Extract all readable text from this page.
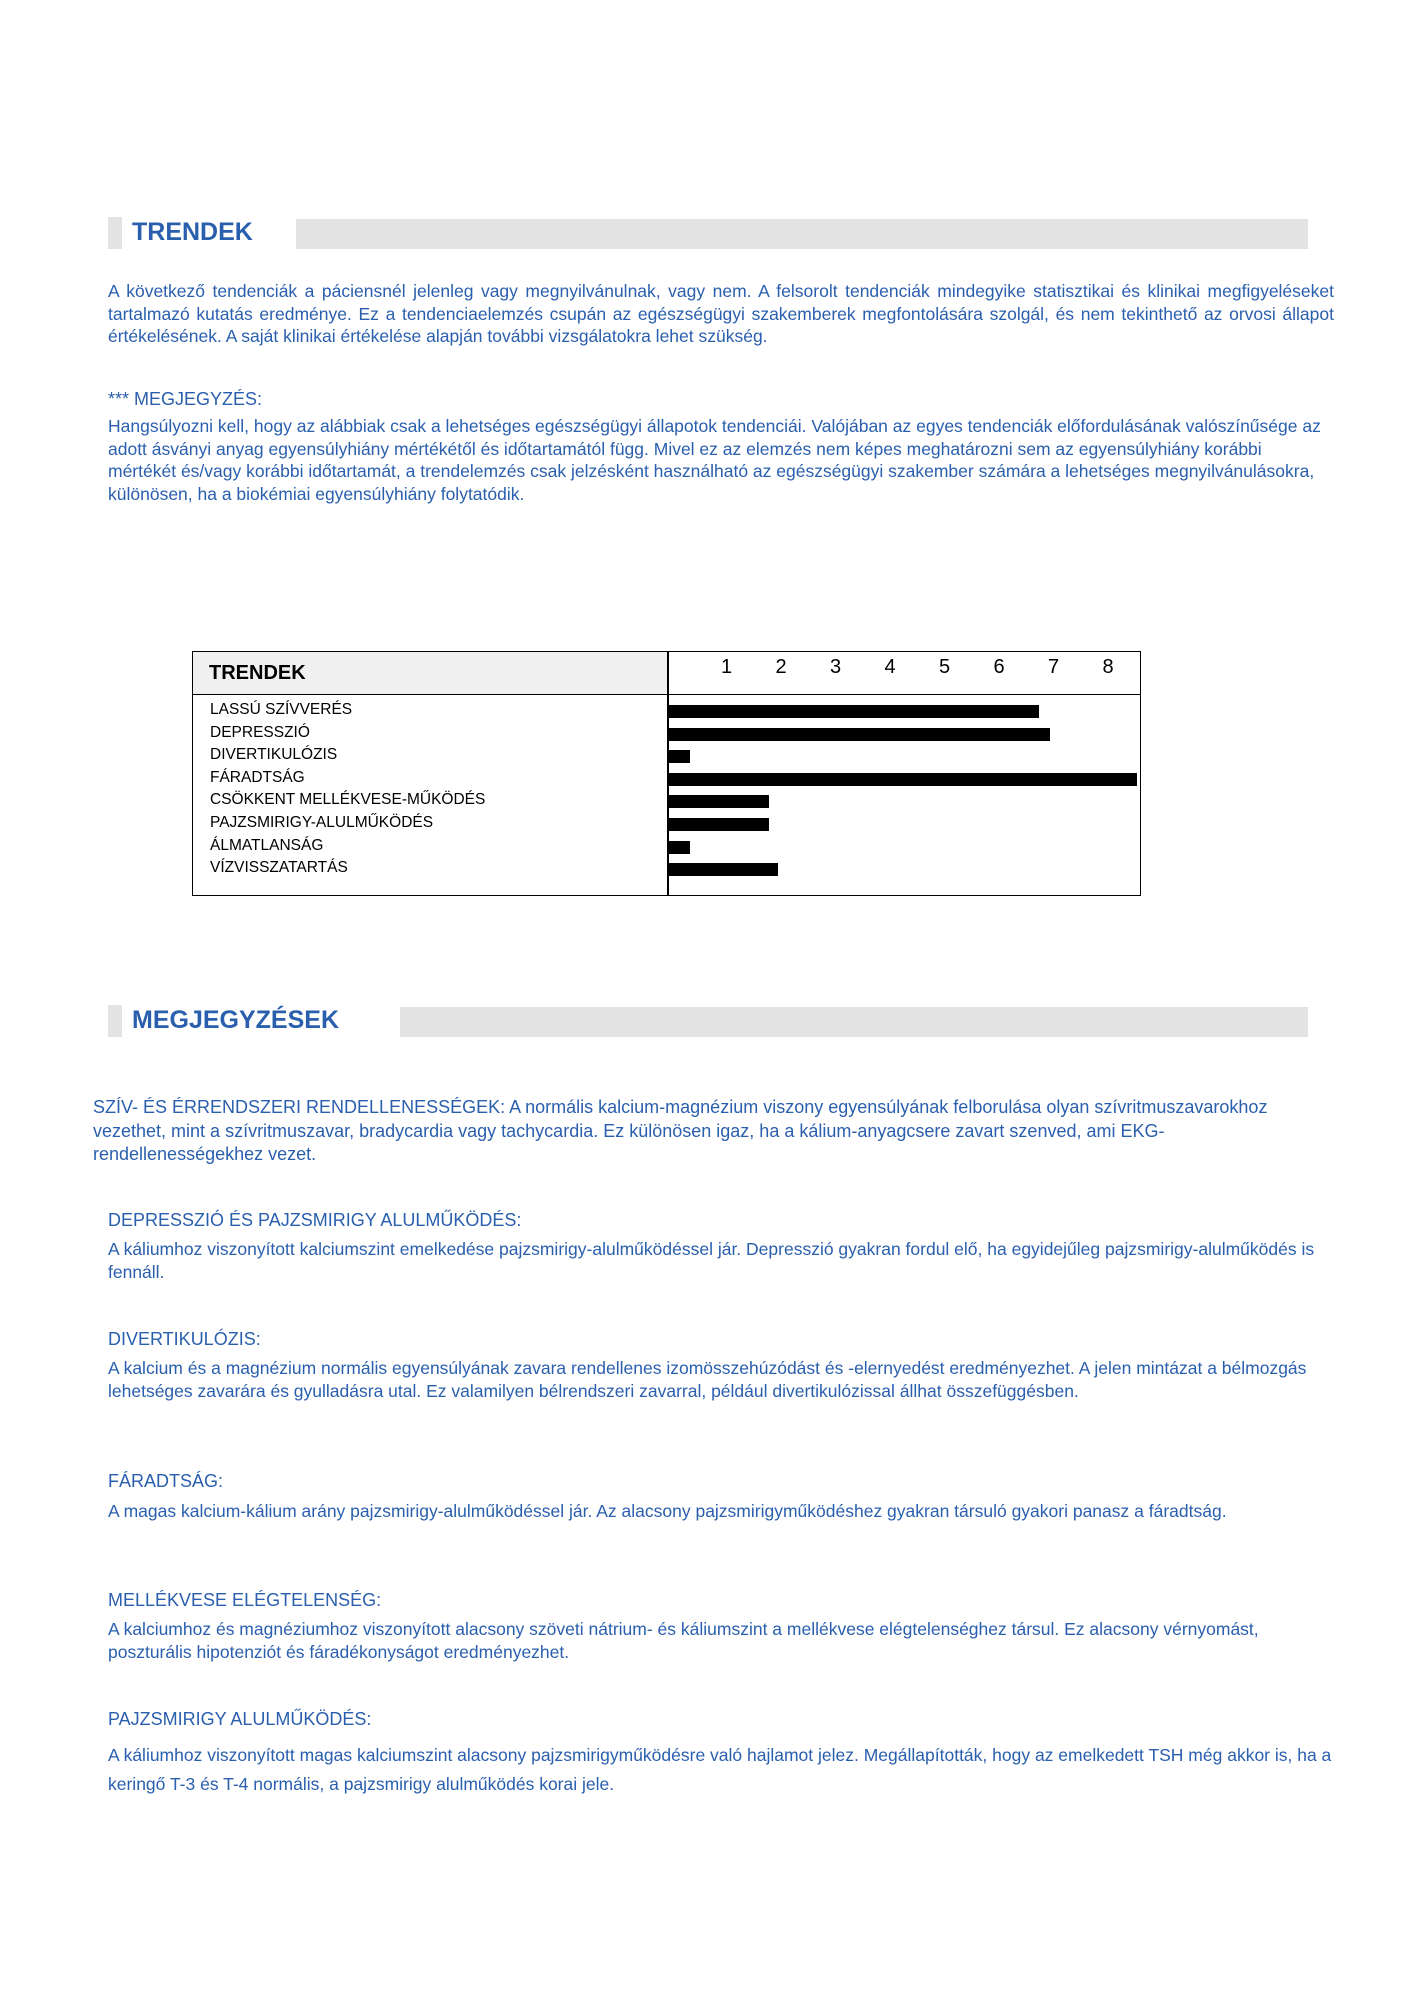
TRENDEK
A következő tendenciák a páciensnél jelenleg vagy megnyilvánulnak, vagy nem. A felsorolt tendenciák mindegyike statisztikai és klinikai megfigyeléseket tartalmazó kutatás eredménye. Ez a tendenciaelemzés csupán az egészségügyi szakemberek megfontolására szolgál, és nem tekinthető az orvosi állapot értékelésének. A saját klinikai értékelése alapján további vizsgálatokra lehet szükség.
*** MEGJEGYZÉS:
Hangsúlyozni kell, hogy az alábbiak csak a lehetséges egészségügyi állapotok tendenciái. Valójában az egyes tendenciák előfordulásának valószínűsége az adott ásványi anyag egyensúlyhiány mértékétől és időtartamától függ. Mivel ez az elemzés nem képes meghatározni sem az egyensúlyhiány korábbi mértékét és/vagy korábbi időtartamát, a trendelemzés csak jelzésként használható az egészségügyi szakember számára a lehetséges megnyilvánulásokra, különösen, ha a biokémiai egyensúlyhiány folytatódik.
TRENDEK	1 2 3 4 5 6 7 8
LASSÚ SZÍVVERÉS
DEPRESSZIÓ
DIVERTIKULÓZIS
FÁRADTSÁG
CSÖKKENT MELLÉKVESE-MŰKÖDÉS
PAJZSMIRIGY-ALULMŰKÖDÉS
ÁLMATLANSÁG
VÍZVISSZATARTÁS
MEGJEGYZÉSEK
SZÍV- ÉS ÉRRENDSZERI RENDELLENESSÉGEK: A normális kalcium-magnézium viszony egyensúlyának felborulása olyan szívritmuszavarokhoz vezethet, mint a szívritmuszavar, bradycardia vagy tachycardia. Ez különösen igaz, ha a kálium-anyagcsere zavart szenved, ami EKG-rendellenességekhez vezet.
DEPRESSZIÓ ÉS PAJZSMIRIGY ALULMŰKÖDÉS:
A káliumhoz viszonyított kalciumszint emelkedése pajzsmirigy-alulműködéssel jár. Depresszió gyakran fordul elő, ha egyidejűleg pajzsmirigy-alulműködés is fennáll.
DIVERTIKULÓZIS:
A kalcium és a magnézium normális egyensúlyának zavara rendellenes izomösszehúzódást és -elernyedést eredményezhet. A jelen mintázat a bélmozgás lehetséges zavarára és gyulladásra utal. Ez valamilyen bélrendszeri zavarral, például divertikulózissal állhat összefüggésben.
FÁRADTSÁG:
A magas kalcium-kálium arány pajzsmirigy-alulműködéssel jár. Az alacsony pajzsmirigyműködéshez gyakran társuló gyakori panasz a fáradtság.
MELLÉKVESE ELÉGTELENSÉG:
A kalciumhoz és magnéziumhoz viszonyított alacsony szöveti nátrium- és káliumszint a mellékvese elégtelenséghez társul. Ez alacsony vérnyomást, poszturális hipotenziót és fáradékonyságot eredményezhet.
PAJZSMIRIGY ALULMŰKÖDÉS:
A káliumhoz viszonyított magas kalciumszint alacsony pajzsmirigyműködésre való hajlamot jelez. Megállapították, hogy az emelkedett TSH még akkor is, ha a keringő T-3 és T-4 normális, a pajzsmirigy alulműködés korai jele.
